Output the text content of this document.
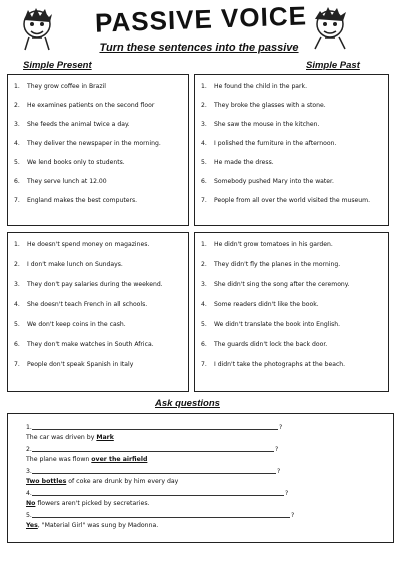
PASSIVE VOICE
Turn these sentences into the passive
Simple Present	Simple Past
1.	They grow coffee in Brazil
2.	He examines patients on the second floor
3.	She feeds the animal twice a day.
4.	They deliver the newspaper in the morning.
5.	We lend books only to students.
6.	They serve lunch at 12.00
7.	England makes the best computers.
1.	He found the child in the park.
2.	They broke the glasses with a stone.
3.	She saw the mouse in the kitchen.
4.	I polished the furniture in the afternoon.
5.	He made the dress.
6.	Somebody pushed Mary into the water.
7.	People from all over the world visited the museum.
1.	He doesn't spend money on magazines.
2.	I don't make lunch on Sundays.
3.	They don't pay salaries during the weekend.
4.	She doesn't teach French in all schools.
5.	We don't keep coins in the cash.
6.	They don't make watches in South Africa.
7.	People don't speak Spanish in Italy
1.	He didn't grow tomatoes in his garden.
2.	They didn't fly the planes in the morning.
3.	She didn't sing the song after the ceremony.
4.	Some readers didn't like the book.
5.	We didn't translate the book into English.
6.	The guards didn't lock the back door.
7.	I didn't take the photographs at the beach.
Ask questions
1.	?
The car was driven by Mark
2.	?
The plane was flown over the airfield
3.	?
Two bottles of coke are drunk by him every day
4.	?
No flowers aren't picked by secretaries.
5.	?
Yes, "Material Girl" was sung by Madonna.
